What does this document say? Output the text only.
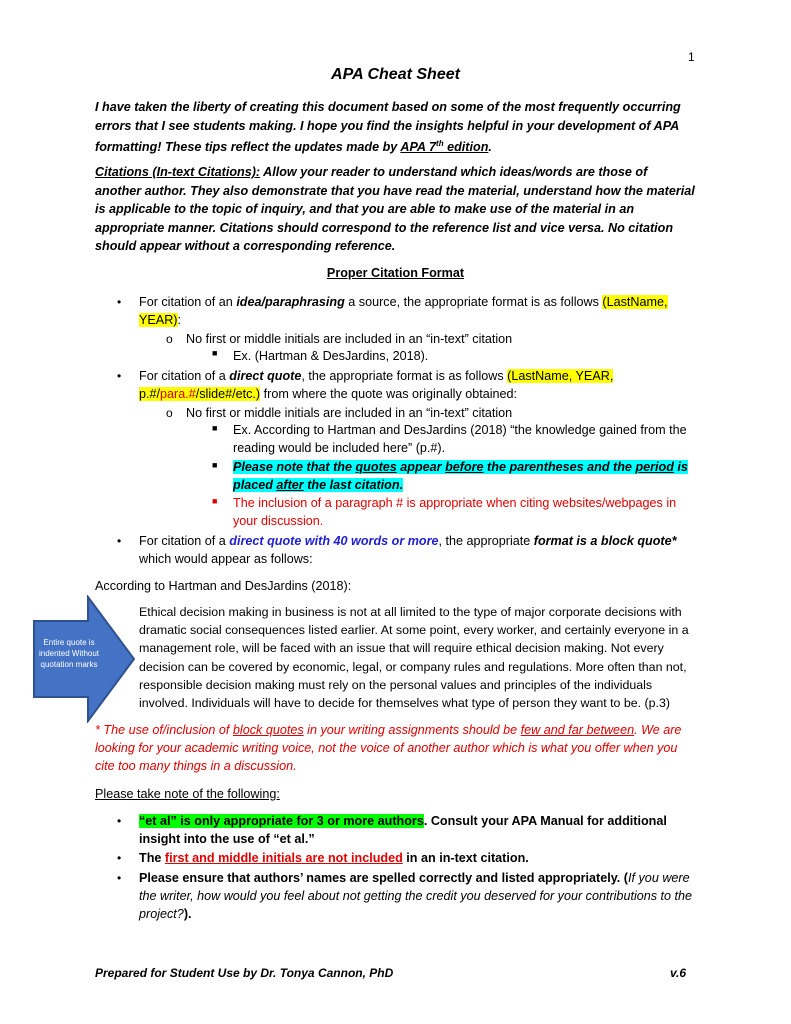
1
APA Cheat Sheet
I have taken the liberty of creating this document based on some of the most frequently occurring errors that I see students making. I hope you find the insights helpful in your development of APA formatting! These tips reflect the updates made by APA 7th edition.
Citations (In-text Citations): Allow your reader to understand which ideas/words are those of another author. They also demonstrate that you have read the material, understand how the material is applicable to the topic of inquiry, and that you are able to make use of the material in an appropriate manner. Citations should correspond to the reference list and vice versa. No citation should appear without a corresponding reference.
Proper Citation Format
• For citation of an idea/paraphrasing a source, the appropriate format is as follows (LastName,
YEAR):
o No first or middle initials are included in an “in-text” citation
■ Ex. (Hartman & DesJardins, 2018).
• For citation of a direct quote, the appropriate format is as follows (LastName, YEAR,
p.#/para.#/slide#/etc.) from where the quote was originally obtained:
o No first or middle initials are included in an “in-text” citation
■ Ex. According to Hartman and DesJardins (2018) “the knowledge gained from the
reading would be included here” (p.#).
■ Please note that the quotes appear before the parentheses and the period is
placed after the last citation.
■ The inclusion of a paragraph # is appropriate when citing websites/webpages in
your discussion.
• For citation of a direct quote with 40 words or more, the appropriate format is a block quote*
which would appear as follows:
According to Hartman and DesJardins (2018):
Entire quote is indented Without quotation marks
Ethical decision making in business is not at all limited to the type of major corporate decisions with dramatic social consequences listed earlier. At some point, every worker, and certainly everyone in a management role, will be faced with an issue that will require ethical decision making. Not every decision can be covered by economic, legal, or company rules and regulations. More often than not, responsible decision making must rely on the personal values and principles of the individuals involved. Individuals will have to decide for themselves what type of person they want to be. (p.3)
* The use of/inclusion of block quotes in your writing assignments should be few and far between. We are looking for your academic writing voice, not the voice of another author which is what you offer when you cite too many things in a discussion.
Please take note of the following:
• “et al” is only appropriate for 3 or more authors. Consult your APA Manual for additional insight into the use of “et al.”
• The first and middle initials are not included in an in-text citation.
• Please ensure that authors’ names are spelled correctly and listed appropriately. (If you were the writer, how would you feel about not getting the credit you deserved for your contributions to the project?).
Prepared for Student Use by Dr. Tonya Cannon, PhD	v.6
